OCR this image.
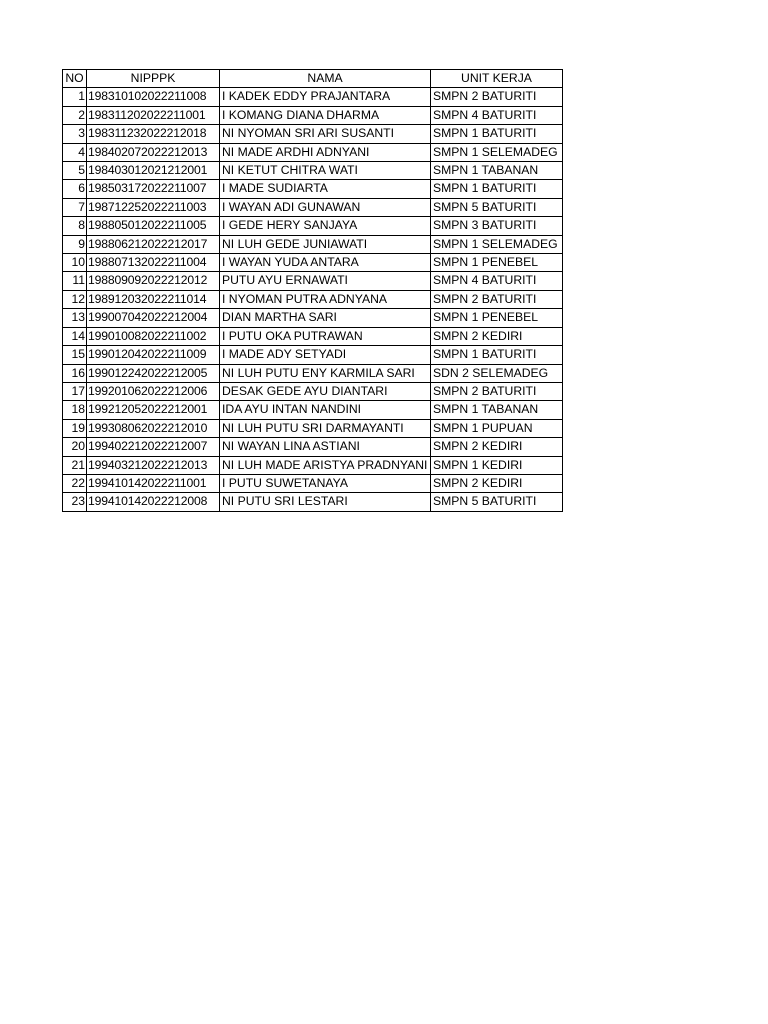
NO	NIPPPK	NAMA	UNIT KERJA
1	198310102022211008	I KADEK EDDY PRAJANTARA	SMPN 2 BATURITI
2	198311202022211001	I KOMANG DIANA DHARMA	SMPN 4 BATURITI
3	198311232022212018	NI NYOMAN SRI ARI SUSANTI	SMPN 1 BATURITI
4	198402072022212013	NI MADE ARDHI ADNYANI	SMPN 1 SELEMADEG
5	198403012021212001	NI KETUT CHITRA WATI	SMPN 1 TABANAN
6	198503172022211007	I MADE SUDIARTA	SMPN 1 BATURITI
7	198712252022211003	I WAYAN ADI GUNAWAN	SMPN 5 BATURITI
8	198805012022211005	I GEDE HERY SANJAYA	SMPN 3 BATURITI
9	198806212022212017	NI LUH GEDE JUNIAWATI	SMPN 1 SELEMADEG
10	198807132022211004	I WAYAN YUDA ANTARA	SMPN 1 PENEBEL
11	198809092022212012	PUTU AYU ERNAWATI	SMPN 4 BATURITI
12	198912032022211014	I NYOMAN PUTRA ADNYANA	SMPN 2 BATURITI
13	199007042022212004	DIAN MARTHA SARI	SMPN 1 PENEBEL
14	199010082022211002	I PUTU OKA PUTRAWAN	SMPN 2 KEDIRI
15	199012042022211009	I MADE ADY SETYADI	SMPN 1 BATURITI
16	199012242022212005	NI LUH PUTU ENY KARMILA SARI	SDN 2 SELEMADEG
17	199201062022212006	DESAK GEDE AYU DIANTARI	SMPN 2 BATURITI
18	199212052022212001	IDA AYU INTAN NANDINI	SMPN 1 TABANAN
19	199308062022212010	NI LUH PUTU SRI DARMAYANTI	SMPN 1 PUPUAN
20	199402212022212007	NI WAYAN LINA ASTIANI	SMPN 2 KEDIRI
21	199403212022212013	NI LUH MADE ARISTYA PRADNYANI	SMPN 1 KEDIRI
22	199410142022211001	I PUTU SUWETANAYA	SMPN 2 KEDIRI
23	199410142022212008	NI PUTU SRI LESTARI	SMPN 5 BATURITI
